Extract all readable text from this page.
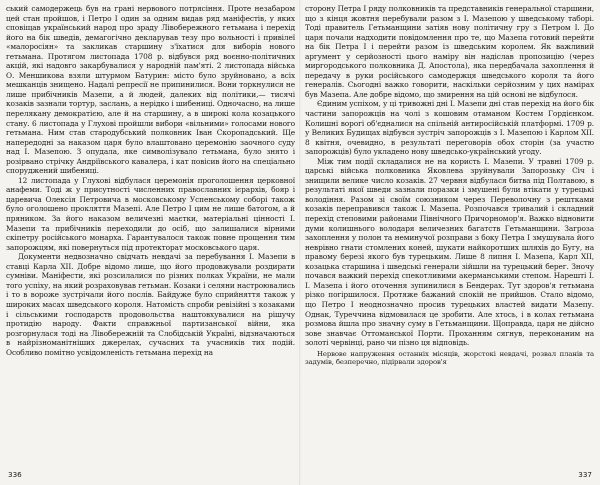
ський самодержець був на грані нервового потрясіння. Проте незабаром цей стан пройшов, і Петро І один за одним видав ряд маніфестів, у яких сповіщав український народ про зраду Лівобережного гетьмана і перехід його на бік шведів, демагогічно декларував тезу про вольності і привілеї «малоросіян» та закликав старшину з'їхатися для виборів нового гетьмана. Протягом листопада 1708 р. відбувся ряд воєнно-політичних акцій, які надовго закарбувалися у народній пам'яті. 2 листопада війська О. Меншикова взяли штурмом Батурин: місто було зруйновано, а всіх мешканців знищено. Надалі репресії не припинилися. Вони торкнулися не лише прибічників Мазепи, а й людей, далеких від політики,— тисячі козаків зазнали тортур, заслань, а нерідко і шибениці. Одночасно, на лише перелякану демократією, але й на старшину, а в широкі кола козацького стану. 6 листопада у Глухові пройшли вибори «вільними» голосами нового гетьмана. Ним став стародубський полковник Іван Скоропадський. Ще напередодні за наказом царя було влаштовано церемонію заочного суду над І. Мазепою. З опудала, яке символізувало гетьмана, було знято і розірвано стрічку Андріївського кавалера, і кат повісив його на спеціально споруджений шибениці.

12 листопада у Глухові відбулася церемонія проголошення церковної анафеми. Тоді ж у присутності численних православних ієрархів, бояр і царевича Олексія Петровича в московському Успенському соборі також було оголошено прокляття Мазепі. Але Петро І цим не лише батогом, а й пряником. За його наказом величезні маєтки, матеріальні цінності І. Мазепи та прибічників переходили до осіб, що залишалися вірними скіпетру російського монарха. Гарантувалося також повне прощення тим запорожцям, які повернуться під протекторат московського царя.

Документи недвозначно свідчать невдачі за перебування І. Мазепи в ставці Карла XII. Добре відомо лише, що його продовжували роздирати сумніви. Маніфести, які розсилалися по різних полках України, не мали того успіху, на який розраховував гетьман. Козаки і селяни настроювались і то в вороже зустрічали його послів. Байдуже було сприйняття також у широких масах шведського короля. Натомість спроби ревізійні з козаками і сільськими господарств продовольства наштовхувалися на рішучу протидію народу. Факти справжньої партизанської війни, яка розгорнулася тоді на Лівобережній та Слобідській Україні, відзначаються в найрізноманітніших джерелах, сучасних та учасників тих подій. Особливо помітно усвідомленість гетьмана перехід на

336

сторону Петра І ряду полковників та представників генеральної старшини, що з кінця жовтня перебували разом з І. Мазепою у шведському таборі. Тоді правитель Гетьманщини затіяв нову політичну гру з Петром І. До царя почали надходити повідомлення про те, що Мазепа готовий перейти на бік Петра І і перейти разом із шведським королем. Як важливий аргумент у серйозності цього наміру він надіслав пропозицію (через миргородського полковника Д. Апостола), яка передбачала захоплення й передачу в руки російського самодержця шведського короля та його генералів. Сьогодні важко говорити, наскільки серйозним у цих намірах був Мазепа. Але добре відомо, що змирення на цій основі не відбулося.

Єдиним успіхом, у ці тривожні дні І. Мазепи дні став перехід на його бік частини запорожців на чолі з кошовим отаманом Костем Гордієнком. Колишні ворогі об'єдналися на спільній антиросійській платформі. 1709 р. у Великих Будищах відбувся зустріч запорожців з І. Мазепою і Карлом XII. 8 квітня, очевидно, в результаті переговорів обох сторін (за участю запорожців) було укладено нову шведсько-український угоду.

Між тим події складалися не на користь І. Мазепи. У травні 1709 р. царські війська полковника Яковлева зруйнували Запорозьку Січ і знищили велике число козаків. 27 червня відбулася битва під Полтавою, в результаті якої шведи зазнали поразки і змушені були втікати у турецькі володіння. Разом зі своїм союзником через Переволочну з рештками козаків переправився також І. Мазепа. Розпочався тривалий і складний перехід степовими районами Північного Причорномор'я. Важко відновити думи колишнього володаря величезних багатств Гетьманщини. Загроза захоплення у полон та неминучої розправи з боку Петра І змушувала його неврівно гнати стомлених коней, шукати найкоротших шляхів до Бугу, на правому березі якого був турецьким. Лише 8 липня І. Мазепа, Карл XII, козацька старшина і шведські генерали зійшли на турецький берег. Зночу почався важкий перехід спекотливими акерманськими степом. Нарешті І. І. Мазепа і його оточення зупинилися в Бендерах. Тут здоров'я гетьмана різко погіршилося. Протяже бажаний спокій не прийшов. Стало відомо, що Петро І неоднозначно просив турецьких властей видати Мазепу. Однак, Туреччина відмовилася це зробити. Але хтось, і в колах гетьмана розмова йшла про значну суму в Гетьманщини. Щоправда, царя не дійсно зове знавчає Оттоманської Порти. Проханням сягнув, переконаним на золоті червінці, рано чи пізно ця відповідь.

Нервове напруження останніх місяців, жорстокі невдачі, розвал планів та задумів, безперечно, підірвали здоров'я

337
